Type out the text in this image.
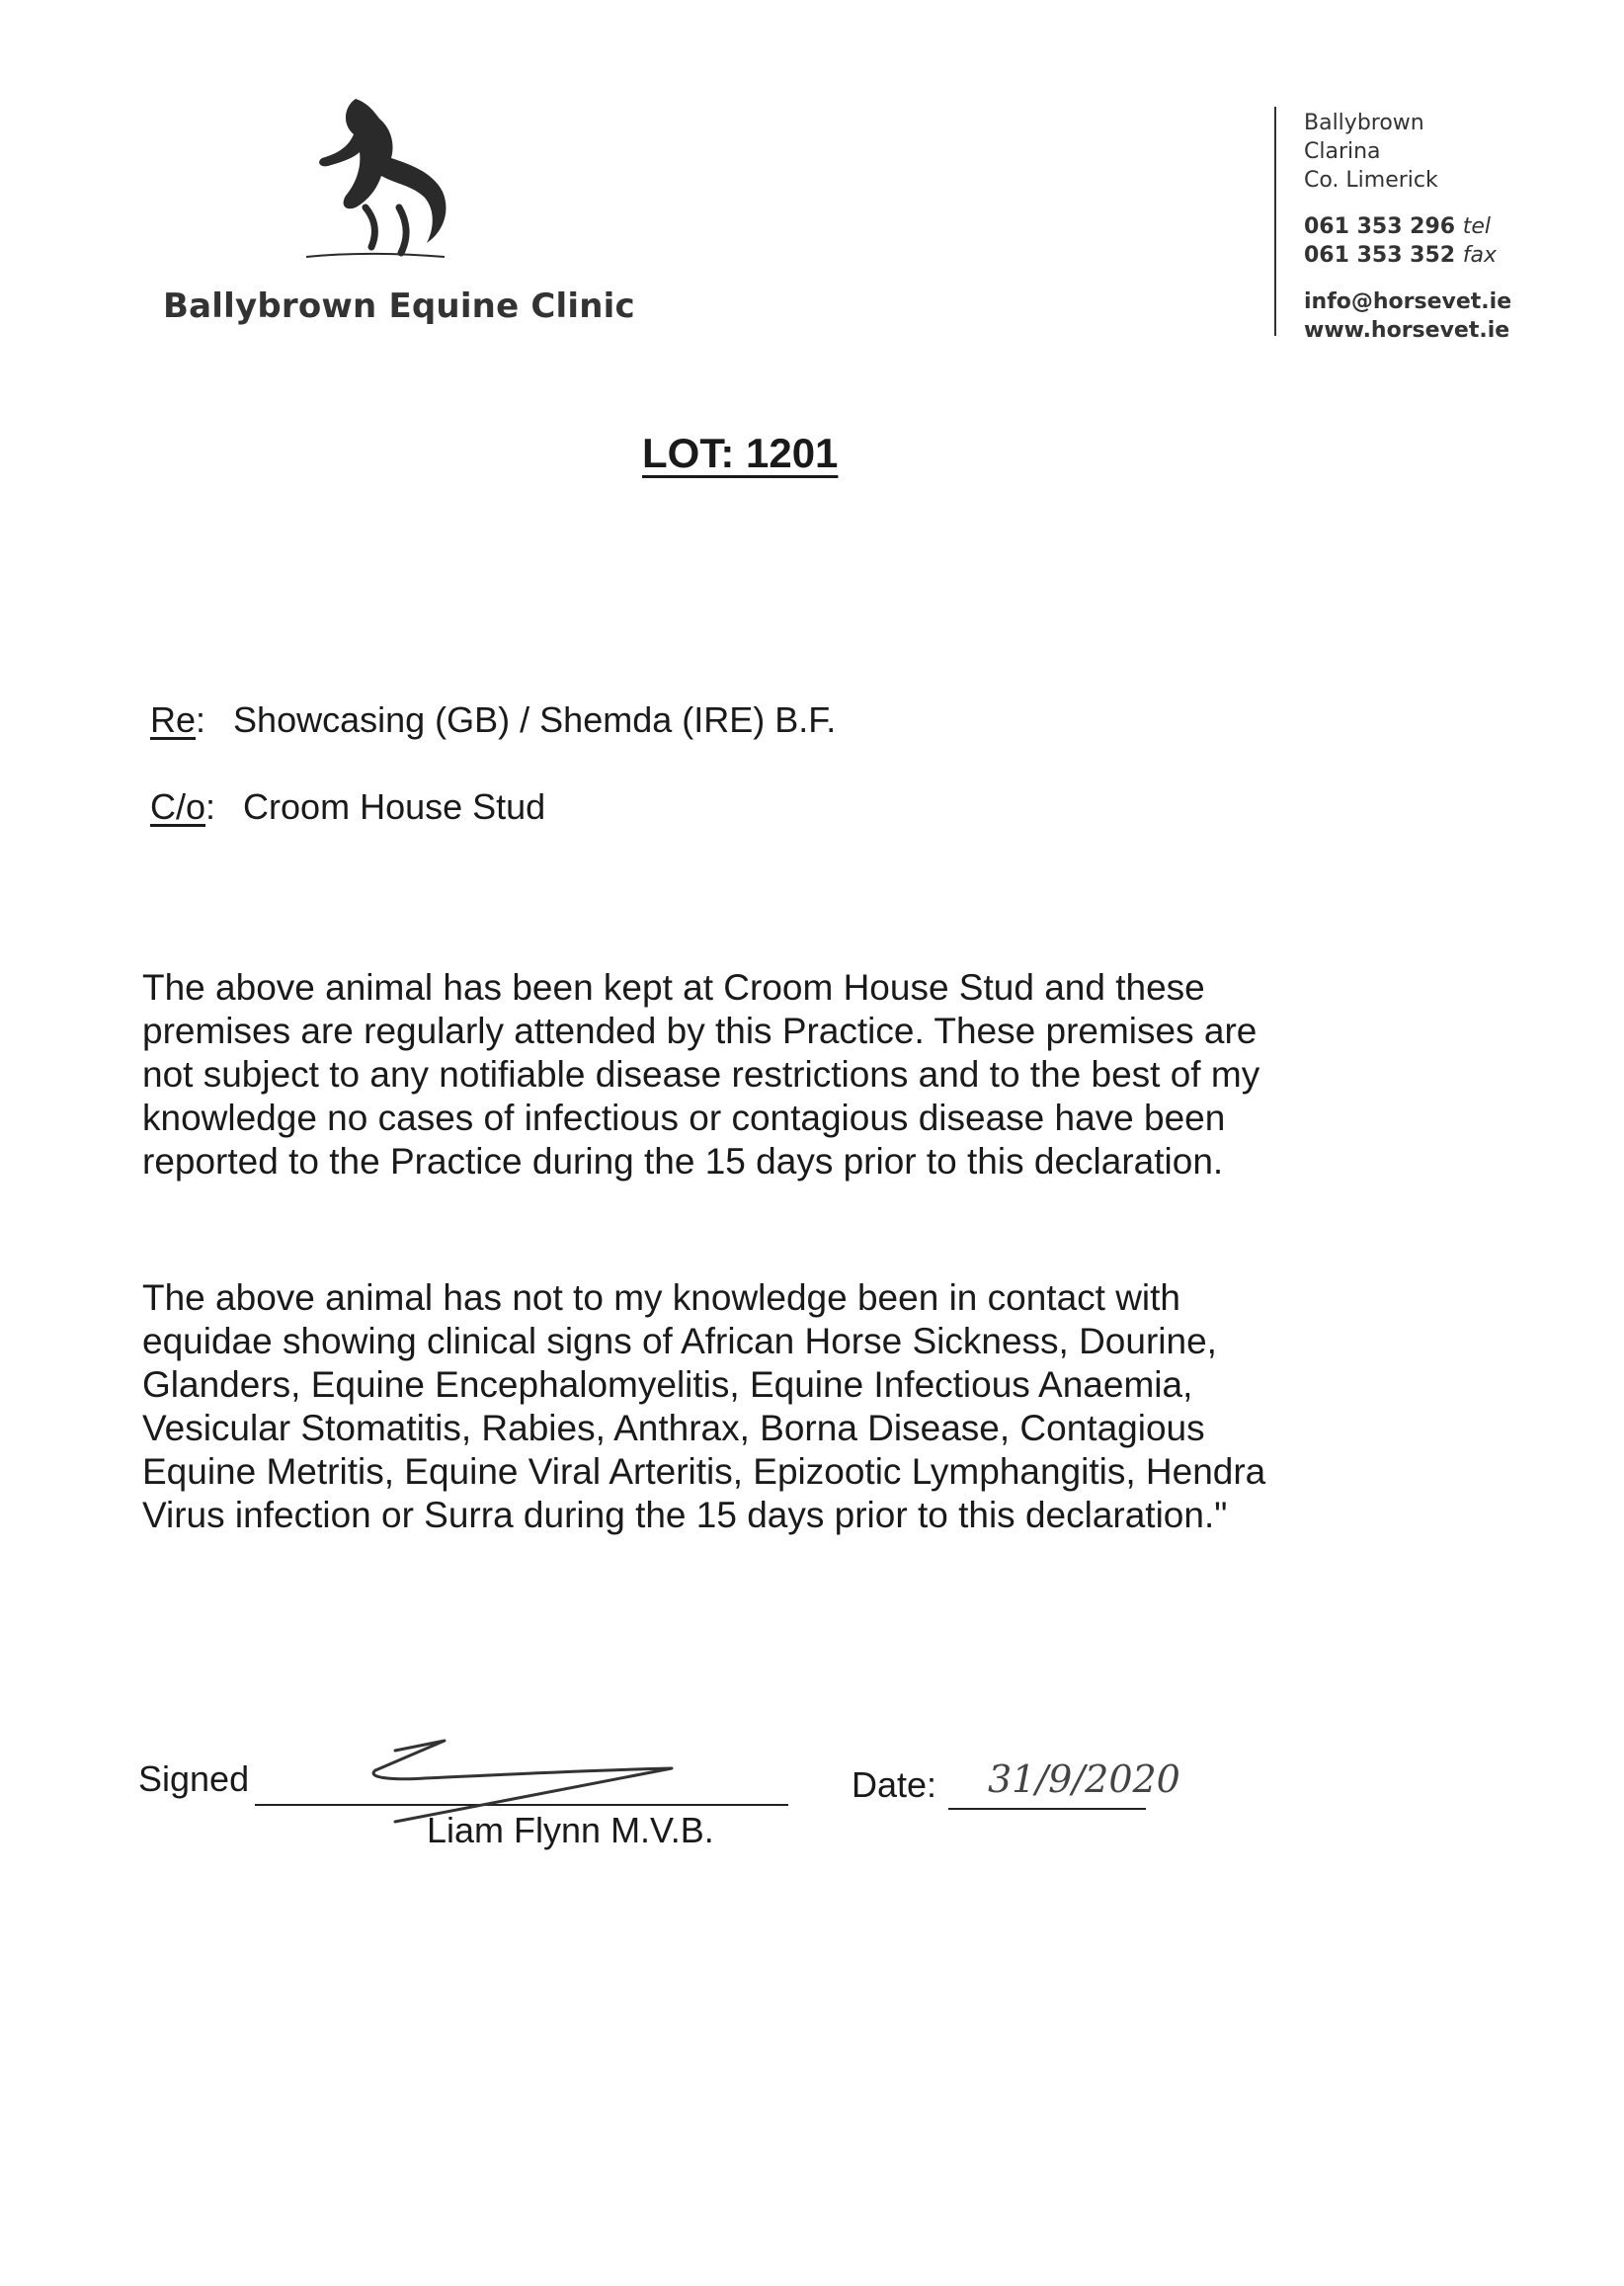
Ballybrown Equine Clinic
Ballybrown
Clarina
Co. Limerick
061 353 296 tel
061 353 352 fax
info@horsevet.ie
www.horsevet.ie
LOT: 1201
Re: Showcasing (GB) / Shemda (IRE) B.F.
C/o: Croom House Stud
The above animal has been kept at Croom House Stud and these premises are regularly attended by this Practice. These premises are not subject to any notifiable disease restrictions and to the best of my knowledge no cases of infectious or contagious disease have been reported to the Practice during the 15 days prior to this declaration.
The above animal has not to my knowledge been in contact with equidae showing clinical signs of African Horse Sickness, Dourine, Glanders, Equine Encephalomyelitis, Equine Infectious Anaemia, Vesicular Stomatitis, Rabies, Anthrax, Borna Disease, Contagious Equine Metritis, Equine Viral Arteritis, Epizootic Lymphangitis, Hendra Virus infection or Surra during the 15 days prior to this declaration."
Signed
Liam Flynn M.V.B.
Date: 31/9/2020
